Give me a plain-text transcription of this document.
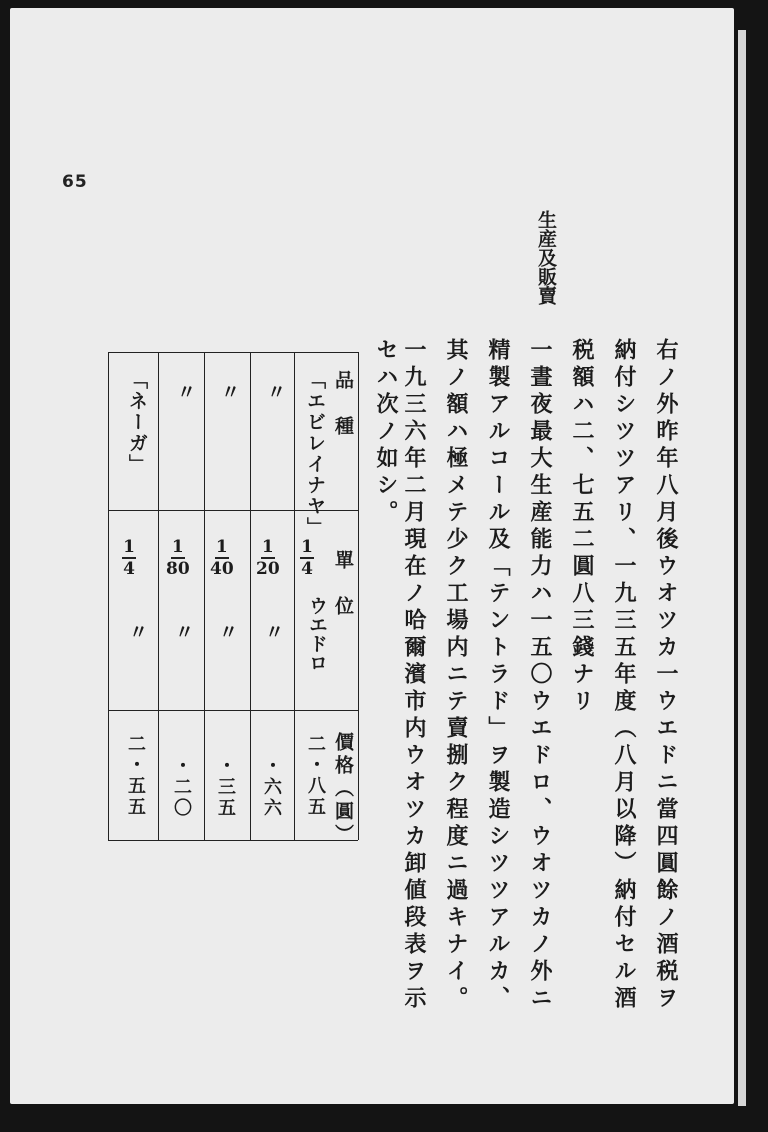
65
生産及販賣
右ノ外昨年八月後ウオツカ一ウエドニ當四圓餘ノ酒税ヲ
納付シツツアリ、一九三五年度（八月以降）納付セル酒
税額ハ二、七五二圓八三錢ナリ
一晝夜最大生産能力ハ一五〇ウエドロ、ウオツカノ外ニ
精製アルコール及「テントラド」ヲ製造シツツアルカ、
其ノ額ハ極メテ少ク工場内ニテ賣捌ク程度ニ過キナイ。
一九三六年二月現在ノ哈爾濱市内ウオツカ卸値段表ヲ示
セハ次ノ如シ。
品　種
單　位
價格（圓）
「エビレイナヤ」
1
4
ウエドロ
二・八五
〃
1
20
〃
・六六
〃
1
40
〃
・三五
〃
1
80
〃
・二〇
「ネーガ」
1
4
〃
二・五五
